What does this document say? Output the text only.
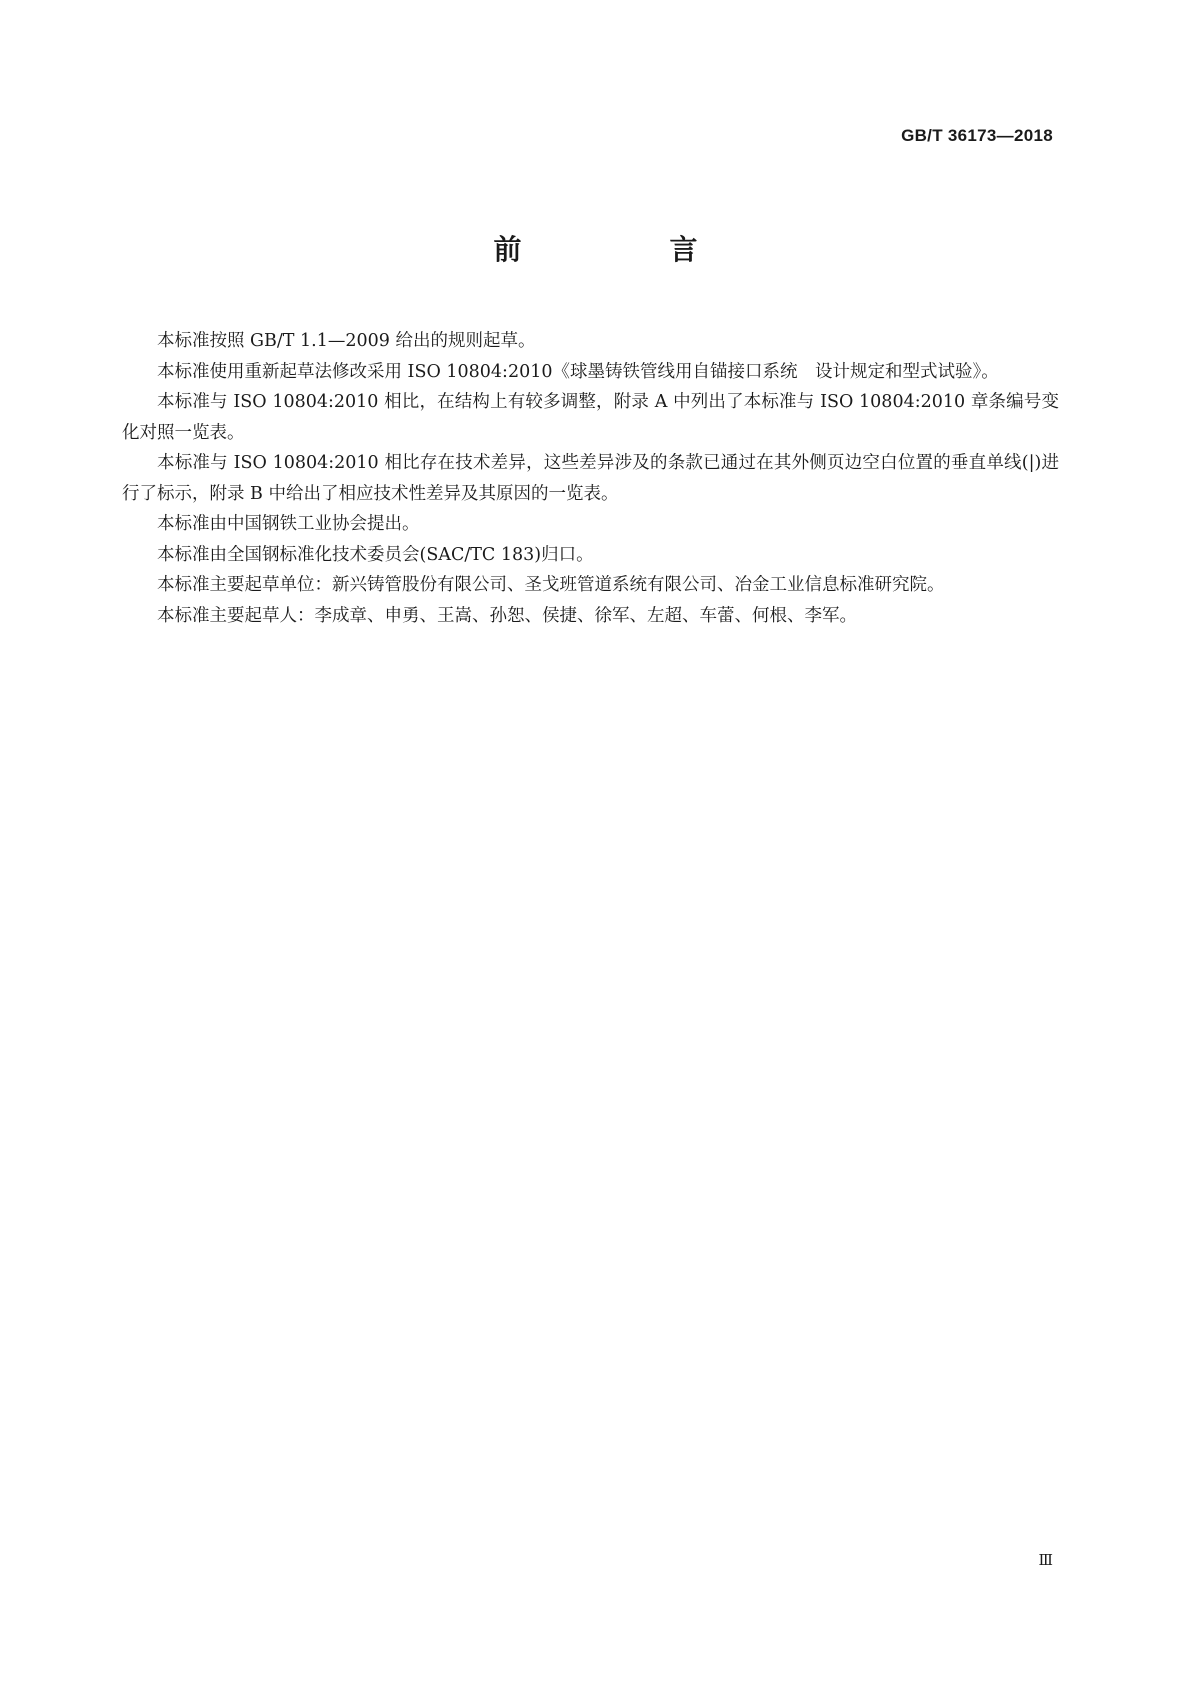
GB/T 36173—2018
前　言

本标准按照 GB/T 1.1—2009 给出的规则起草。

本标准使用重新起草法修改采用 ISO 10804:2010《球墨铸铁管线用自锚接口系统　设计规定和型式试验》。

本标准与 ISO 10804:2010 相比，在结构上有较多调整，附录 A 中列出了本标准与 ISO 10804:2010 章条编号变化对照一览表。

本标准与 ISO 10804:2010 相比存在技术差异，这些差异涉及的条款已通过在其外侧页边空白位置的垂直单线(|)进行了标示，附录 B 中给出了相应技术性差异及其原因的一览表。

本标准由中国钢铁工业协会提出。

本标准由全国钢标准化技术委员会(SAC/TC 183)归口。

本标准主要起草单位：新兴铸管股份有限公司、圣戈班管道系统有限公司、冶金工业信息标准研究院。

本标准主要起草人：李成章、申勇、王嵩、孙恕、侯捷、徐军、左超、车蕾、何根、李军。

Ⅲ
